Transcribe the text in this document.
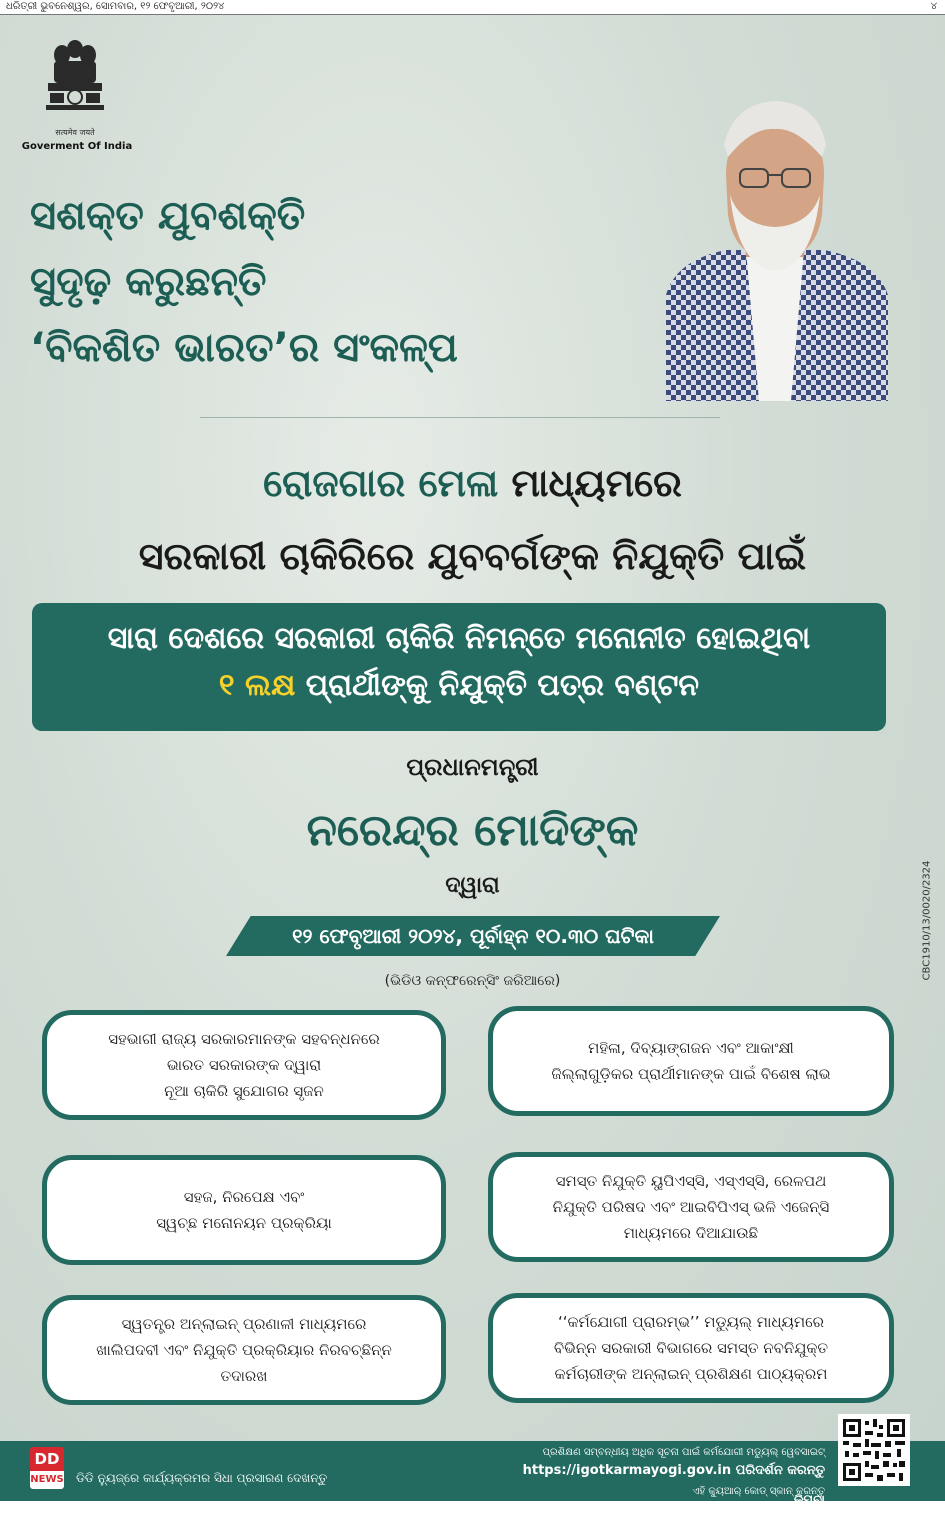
ଧରିତ୍ରୀ ଭୁବନେଶ୍ୱର, ସୋମବାର, ୧୨ ଫେବୃଆରୀ, ୨୦୨୪	୪
सत्यमेव जयते
Goverment Of India
ସଶକ୍ତ ଯୁବଶକ୍ତି
ସୁଦୃଢ଼ କରୁଛନ୍ତି
‘ବିକଶିତ ଭାରତ’ର ସଂକଳ୍ପ
ରୋଜଗାର ମେଳା ମାଧ୍ୟମରେ
ସରକାରୀ ଚାକିରିରେ ଯୁବବର୍ଗଙ୍କ ନିଯୁକ୍ତି ପାଇଁ
ସାରା ଦେଶରେ ସରକାରୀ ଚାକିରି ନିମନ୍ତେ ମନୋନୀତ ହୋଇଥିବା
୧ ଲକ୍ଷ ପ୍ରାର୍ଥୀଙ୍କୁ ନିଯୁକ୍ତି ପତ୍ର ବଣ୍ଟନ
ପ୍ରଧାନମନ୍ତ୍ରୀ
ନରେନ୍ଦ୍ର ମୋଦିଙ୍କ
ଦ୍ୱାରା
୧୨ ଫେବୃଆରୀ ୨୦୨୪, ପୂର୍ବାହ୍ନ ୧୦.୩୦ ଘଟିକା
(ଭିଡିଓ କନ୍‌ଫରେନ୍ସିଂ ଜରିଆରେ)
CBC1910/13/0020/2324
ସହଭାଗୀ ରାଜ୍ୟ ସରକାରମାନଙ୍କ ସହବନ୍ଧନରେ
ଭାରତ ସରକାରଙ୍କ ଦ୍ୱାରା
ନୂଆ ଚାକିରି ସୁଯୋଗର ସୃଜନ
ମହିଳା, ଦିବ୍ୟାଙ୍ଗଜନ ଏବଂ ଆକାଂକ୍ଷୀ
ଜିଲ୍ଲାଗୁଡ଼ିକର ପ୍ରାର୍ଥୀମାନଙ୍କ ପାଇଁ ବିଶେଷ ଲାଭ
ସହଜ, ନିରପେକ୍ଷ ଏବଂ
ସ୍ୱଚ୍ଛ ମନୋନୟନ ପ୍ରକ୍ରିୟା
ସମସ୍ତ ନିଯୁକ୍ତି ୟୁପିଏସ୍‌ସି, ଏସ୍‌ଏସ୍‌ସି, ରେଳପଥ
ନିଯୁକ୍ତି ପରିଷଦ ଏବଂ ଆଇବିପିଏସ୍ ଭଳି ଏଜେନ୍ସି
ମାଧ୍ୟମରେ ଦିଆଯାଉଛି
ସ୍ୱତନ୍ତ୍ର ଅନ୍‌ଲାଇନ୍ ପ୍ରଣାଳୀ ମାଧ୍ୟମରେ
ଖାଲିପଦବୀ ଏବଂ ନିଯୁକ୍ତି ପ୍ରକ୍ରିୟାର ନିରବଚ୍ଛିନ୍ନ
ତଦାରଖ
‘‘କର୍ମଯୋଗୀ ପ୍ରାରମ୍ଭ’’ ମଡ୍ୟୁଲ୍ ମାଧ୍ୟମରେ
ବିଭିନ୍ନ ସରକାରୀ ବିଭାଗରେ ସମସ୍ତ ନବନିଯୁକ୍ତ
କର୍ମଚାରୀଙ୍କ ଅନ୍‌ଲାଇନ୍ ପ୍ରଶିକ୍ଷଣ ପାଠ୍ୟକ୍ରମ
DD
NEWS ଡିଡି ନ୍ୟୁଜ୍‌ରେ କାର୍ଯ୍ୟକ୍ରମର ସିଧା ପ୍ରସାରଣ ଦେଖନ୍ତୁ
ପ୍ରଶିକ୍ଷଣ ସମ୍ବନ୍ଧୀୟ ଅଧିକ ସୂଚନା ପାଇଁ କର୍ମଯୋଗୀ ମଡ୍ୟୁଲ୍ ୱେବସାଇଟ୍
https://igotkarmayogi.gov.in ପରିଦର୍ଶନ କରନ୍ତୁ କିମ୍ବା
ଏହି କ୍ୟୁଆର୍ କୋଡ୍ ସ୍କାନ୍ କରନ୍ତୁ
